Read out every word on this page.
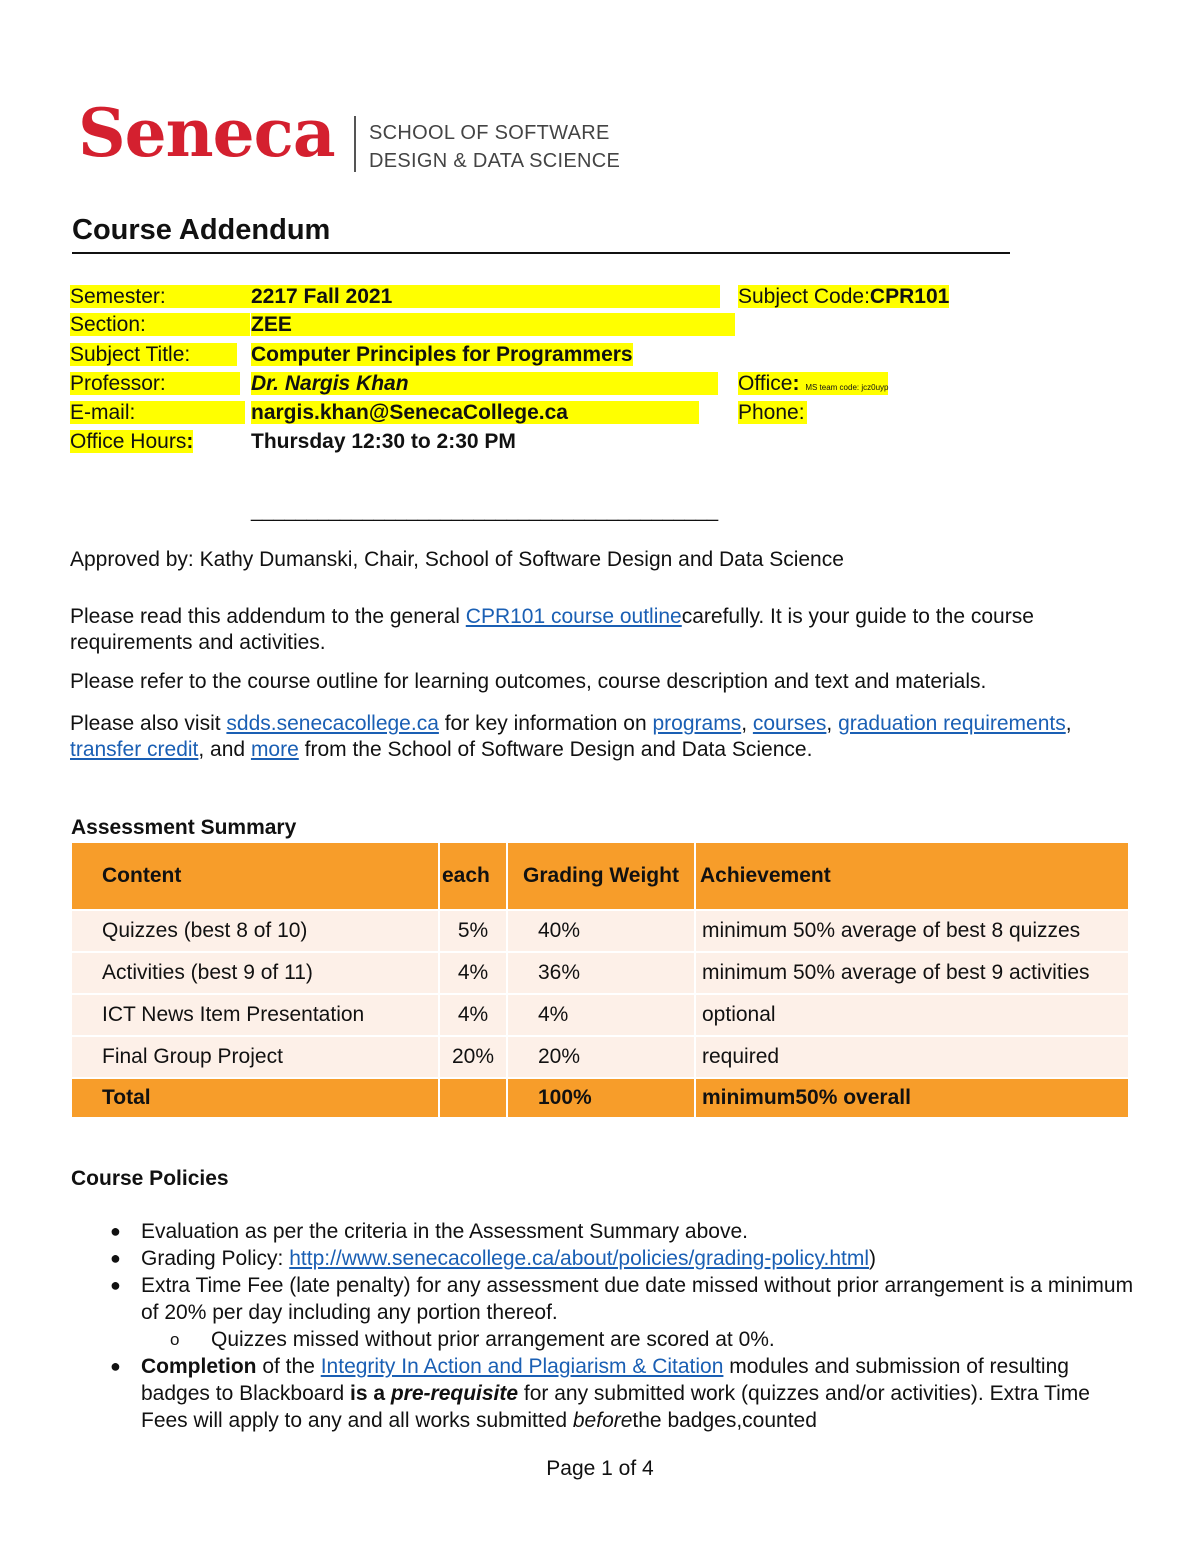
Seneca SCHOOL OF SOFTWARE
DESIGN & DATA SCIENCE
Course Addendum
Semester:	2217 Fall 2021	Subject Code:CPR101
Section:	ZEE
Subject Title:	Computer Principles for Programmers
Professor:	Dr. Nargis Khan	Office: MS team code: jcz0uyp
E-mail:	nargis.khan@SenecaCollege.ca	Phone:
Office Hours:	Thursday 12:30 to 2:30 PM
__________________________________________
Approved by: Kathy Dumanski, Chair, School of Software Design and Data Science
Please read this addendum to the general CPR101 course outlinecarefully. It is your guide to the course requirements and activities.
Please refer to the course outline for learning outcomes, course description and text and materials.
Please also visit sdds.senecacollege.ca for key information on programs, courses, graduation requirements, transfer credit, and more from the School of Software Design and Data Science.
Assessment Summary
Content	each	Grading Weight	Achievement
Quizzes (best 8 of 10)	5%	40%	minimum 50% average of best 8 quizzes
Activities (best 9 of 11)	4%	36%	minimum 50% average of best 9 activities
ICT News Item Presentation	4%	4%	optional
Final Group Project	20%	20%	required
Total		100%	minimum50% overall
Course Policies
● Evaluation as per the criteria in the Assessment Summary above.
● Grading Policy: http://www.senecacollege.ca/about/policies/grading-policy.html)
● Extra Time Fee (late penalty) for any assessment due date missed without prior arrangement is a minimum of 20% per day including any portion thereof.
o Quizzes missed without prior arrangement are scored at 0%.
● Completion of the Integrity In Action and Plagiarism & Citation modules and submission of resulting badges to Blackboard is a pre-requisite for any submitted work (quizzes and/or activities). Extra Time Fees will apply to any and all works submitted beforethe badges,counted
Page 1 of 4
